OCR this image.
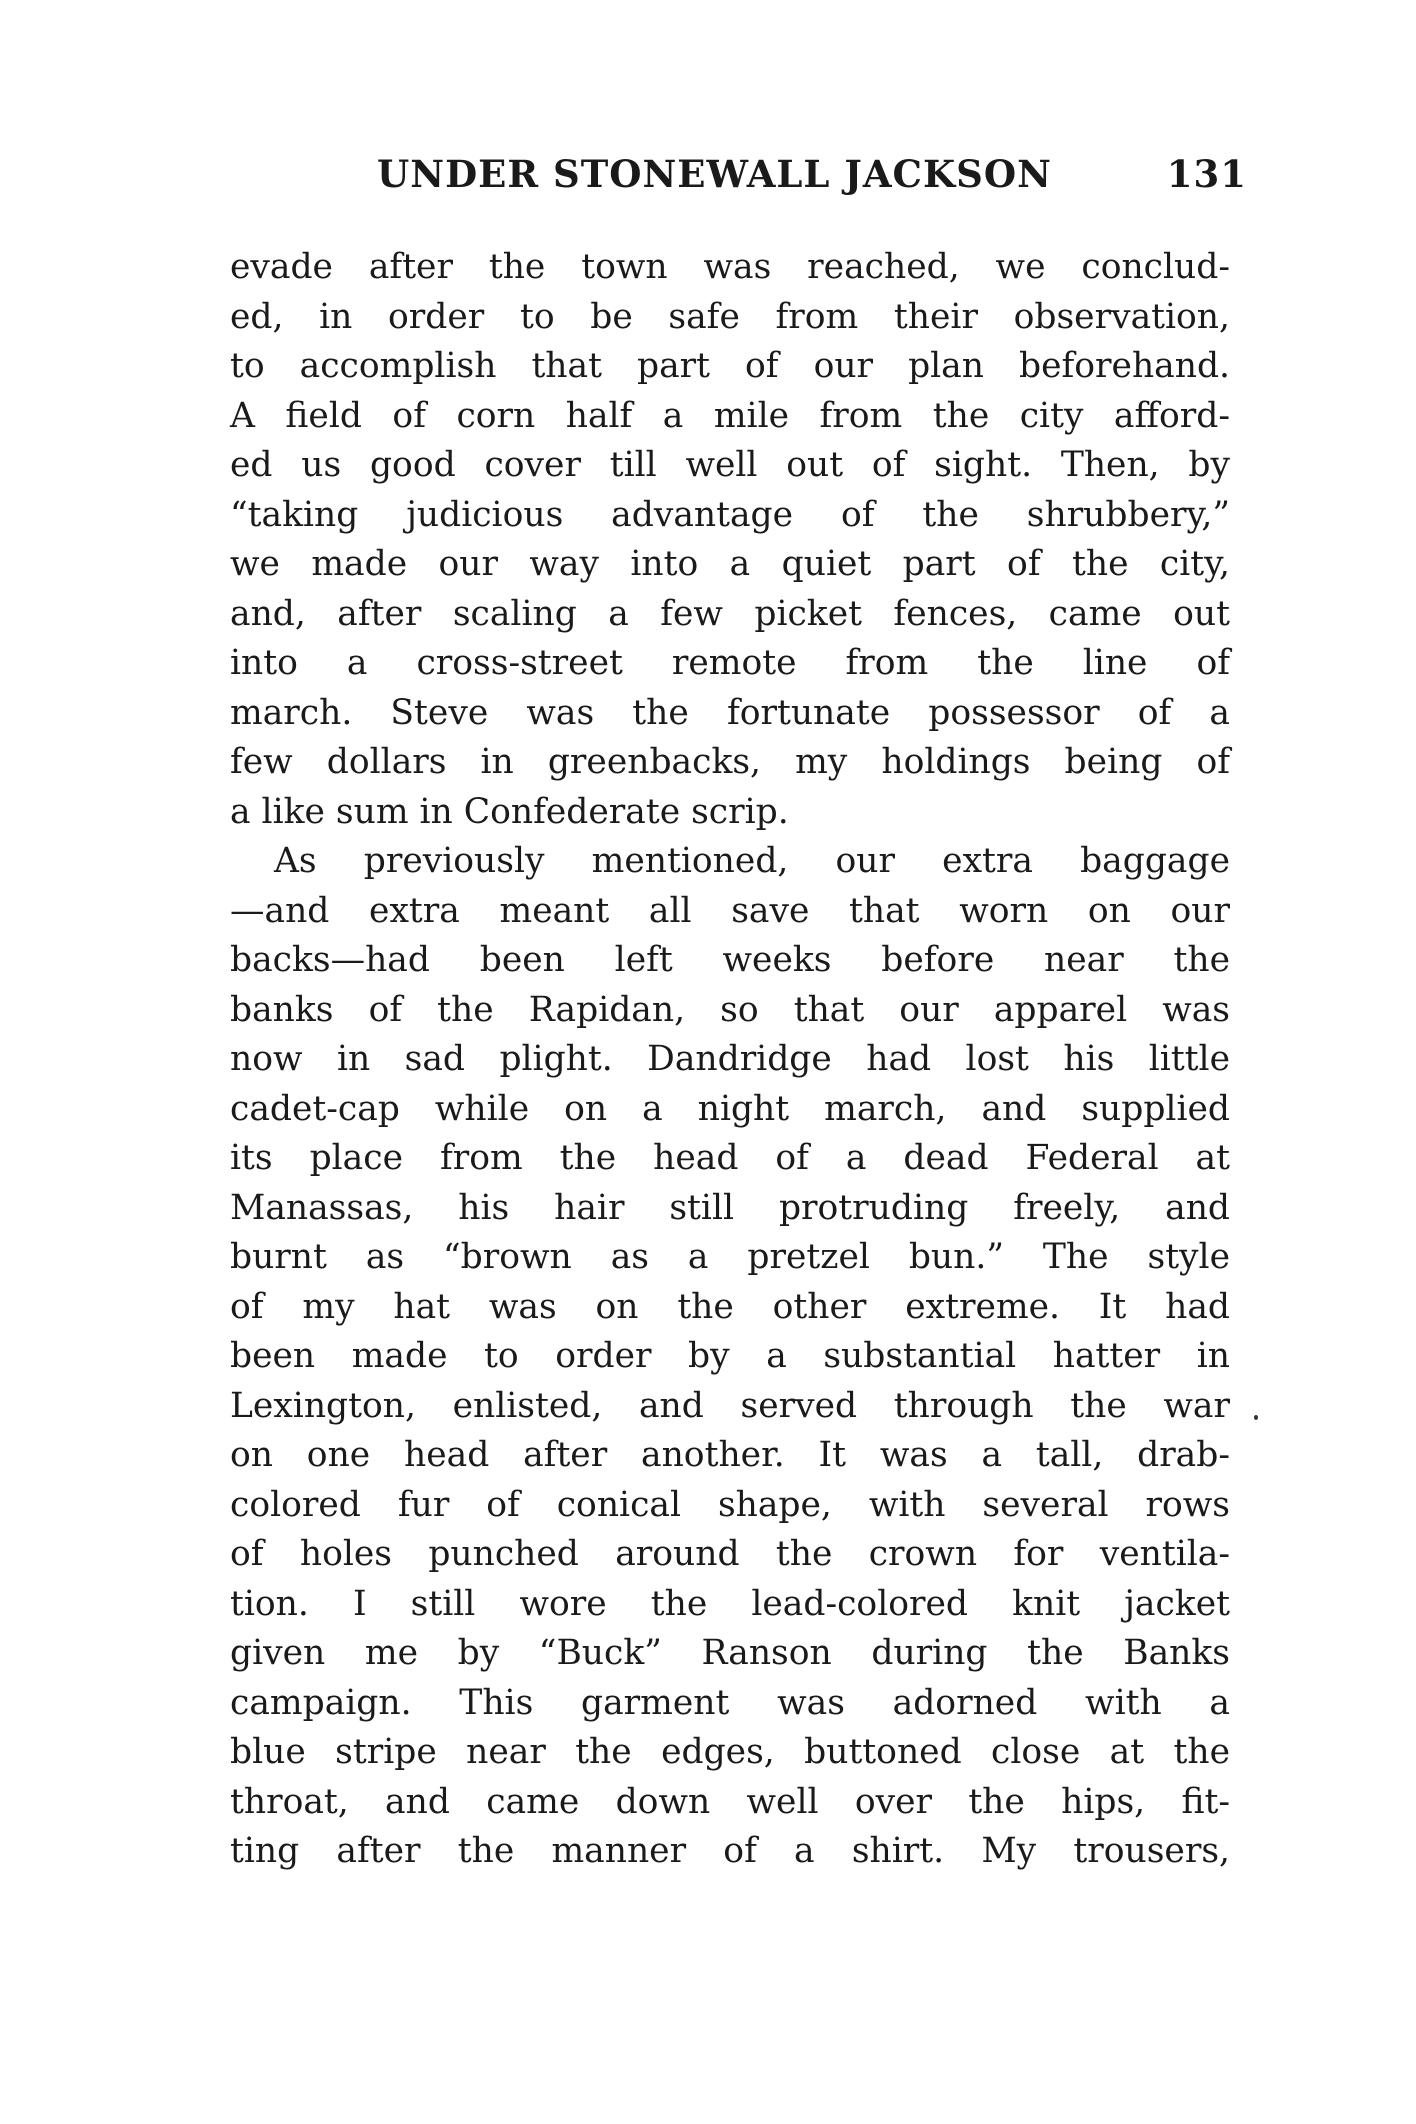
UNDER STONEWALL JACKSON	131
evade after the town was reached, we conclud-
ed, in order to be safe from their observation,
to accomplish that part of our plan beforehand.
A field of corn half a mile from the city afford-
ed us good cover till well out of sight. Then, by
“taking judicious advantage of the shrubbery,”
we made our way into a quiet part of the city,
and, after scaling a few picket fences, came out
into a cross-street remote from the line of
march. Steve was the fortunate possessor of a
few dollars in greenbacks, my holdings being of
a like sum in Confederate scrip.
As previously mentioned, our extra baggage
—and extra meant all save that worn on our
backs—had been left weeks before near the
banks of the Rapidan, so that our apparel was
now in sad plight. Dandridge had lost his little
cadet-cap while on a night march, and supplied
its place from the head of a dead Federal at
Manassas, his hair still protruding freely, and
burnt as “brown as a pretzel bun.” The style
of my hat was on the other extreme. It had
been made to order by a substantial hatter in
Lexington, enlisted, and served through the war
on one head after another. It was a tall, drab-
colored fur of conical shape, with several rows
of holes punched around the crown for ventila-
tion. I still wore the lead-colored knit jacket
given me by “Buck” Ranson during the Banks
campaign. This garment was adorned with a
blue stripe near the edges, buttoned close at the
throat, and came down well over the hips, fit-
ting after the manner of a shirt. My trousers,
